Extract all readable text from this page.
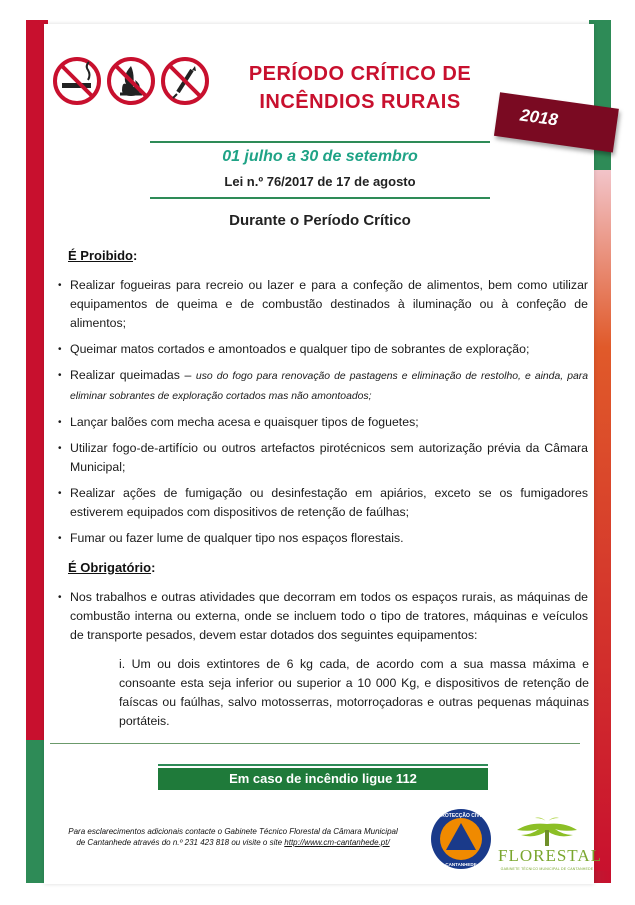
PERÍODO CRÍTICO DE
INCÊNDIOS RURAIS
2018
01 julho a 30 de setembro
Lei n.º 76/2017 de 17 de agosto
Durante o Período Crítico
É Proibido:
• Realizar fogueiras para recreio ou lazer e para a confeção de alimentos, bem como utilizar equipamentos de queima e de combustão destinados à iluminação ou à confeção de alimentos;
• Queimar matos cortados e amontoados e qualquer tipo de sobrantes de exploração;
• Realizar queimadas – uso do fogo para renovação de pastagens e eliminação de restolho, e ainda, para eliminar sobrantes de exploração cortados mas não amontoados;
• Lançar balões com mecha acesa e quaisquer tipos de foguetes;
• Utilizar fogo-de-artifício ou outros artefactos pirotécnicos sem autorização prévia da Câmara Municipal;
• Realizar ações de fumigação ou desinfestação em apiários, exceto se os fumigadores estiverem equipados com dispositivos de retenção de faúlhas;
• Fumar ou fazer lume de qualquer tipo nos espaços florestais.
É Obrigatório:
• Nos trabalhos e outras atividades que decorram em todos os espaços rurais, as máquinas de combustão interna ou externa, onde se incluem todo o tipo de tratores, máquinas e veículos de transporte pesados, devem estar dotados dos seguintes equipamentos:
i. Um ou dois extintores de 6 kg cada, de acordo com a sua massa máxima e consoante esta seja inferior ou superior a 10 000 Kg, e dispositivos de retenção de faíscas ou faúlhas, salvo motosserras, motorroçadoras e outras pequenas máquinas portáteis.
Em caso de incêndio ligue 112
Para esclarecimentos adicionais contacte o Gabinete Técnico Florestal da Câmara Municipal
de Cantanhede através do n.º 231 423 818 ou visite o site http://www.cm-cantanhede.pt/
PROTECÇÃO CIVIL
CANTANHEDE FLORESTAL
GABINETE TÉCNICO MUNICIPAL DE CANTANHEDE
